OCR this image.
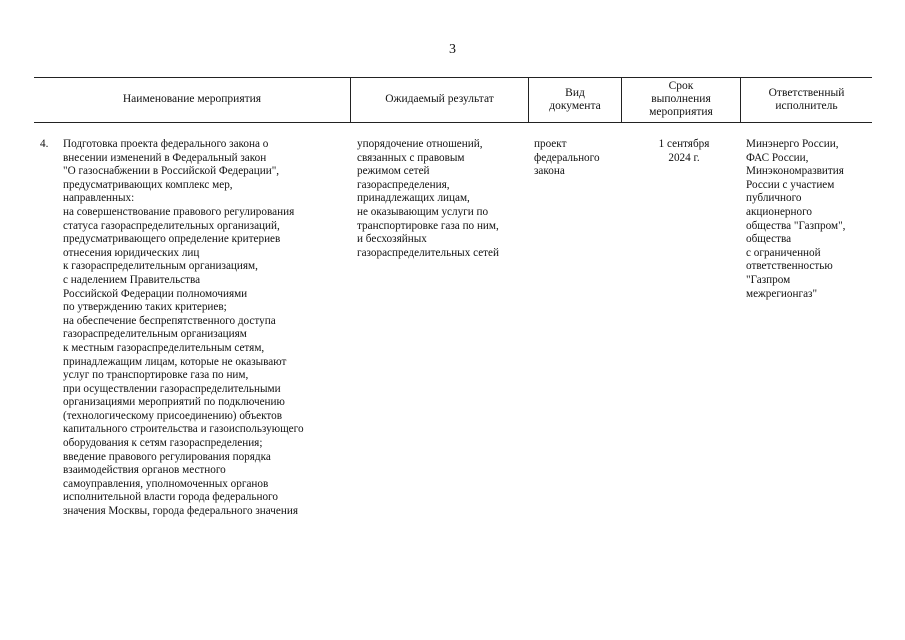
3
Наименование мероприятия	Ожидаемый результат
Вид
документа
Срок
выполнения
мероприятия
Ответственный
исполнитель
4.	Подготовка проекта федерального закона о
внесении изменений в Федеральный закон
"О газоснабжении в Российской Федерации",
предусматривающих комплекс мер,
направленных:
на совершенствование правового регулирования
статуса газораспределительных организаций,
предусматривающего определение критериев
отнесения юридических лиц
к газораспределительным организациям,
с наделением Правительства
Российской Федерации полномочиями
по утверждению таких критериев;
на обеспечение беспрепятственного доступа
газораспределительным организациям
к местным газораспределительным сетям,
принадлежащим лицам, которые не оказывают
услуг по транспортировке газа по ним,
при осуществлении газораспределительными
организациями мероприятий по подключению
(технологическому присоединению) объектов
капитального строительства и газоиспользующего
оборудования к сетям газораспределения;
введение правового регулирования порядка
взаимодействия органов местного
самоуправления, уполномоченных органов
исполнительной власти города федерального
значения Москвы, города федерального значения
упорядочение отношений,
связанных с правовым
режимом сетей
газораспределения,
принадлежащих лицам,
не оказывающим услуги по
транспортировке газа по ним,
и бесхозяйных
газораспределительных сетей
проект
федерального
закона
1 сентября
2024 г.
Минэнерго России,
ФАС России,
Минэкономразвития
России с участием
публичного
акционерного
общества "Газпром",
общества
с ограниченной
ответственностью
"Газпром
межрегионгаз"
